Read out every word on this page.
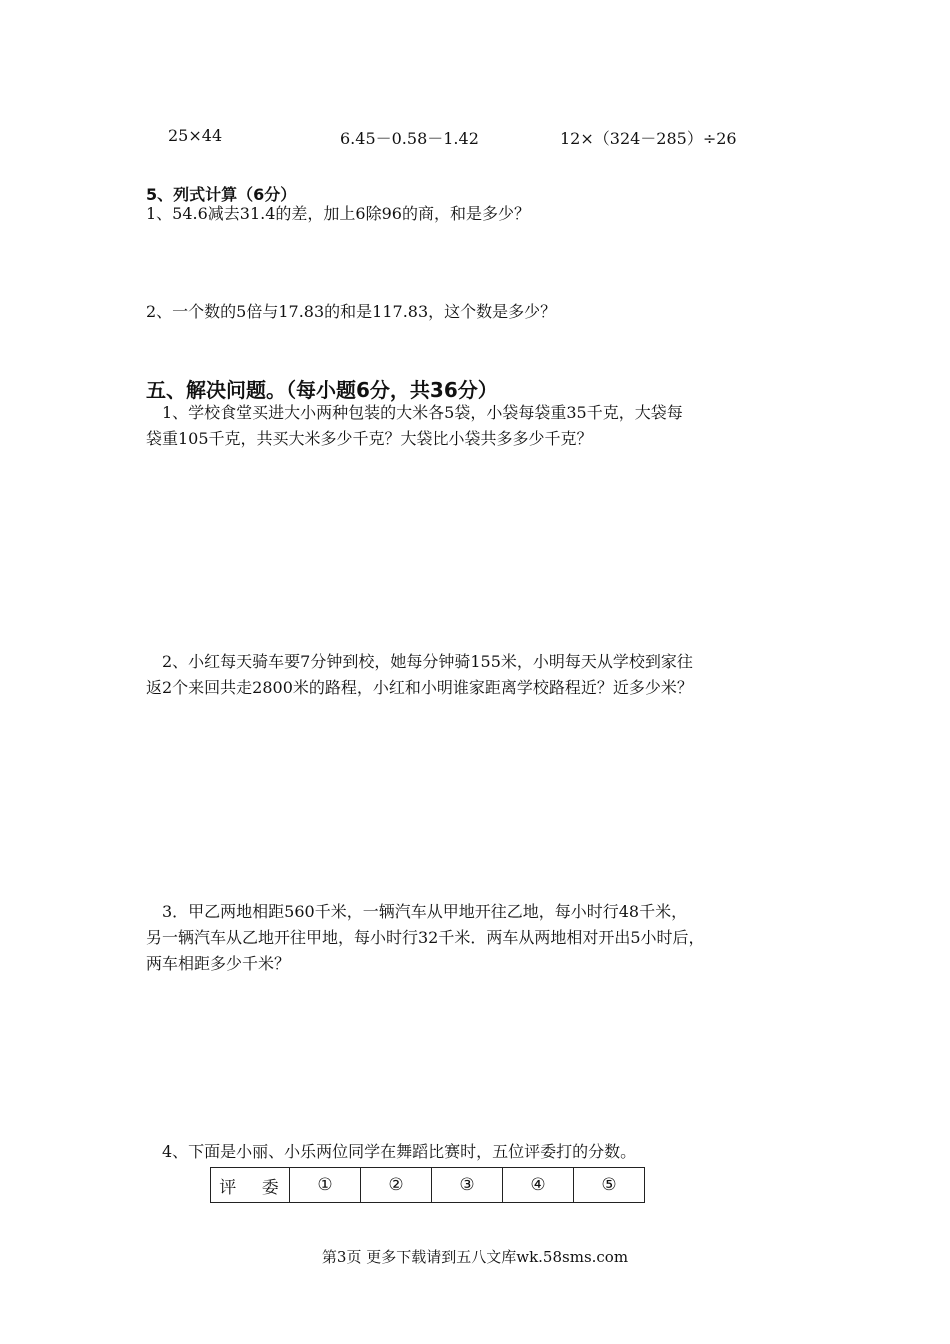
25×44	6.45－0.58－1.42	12×（324－285）÷26
5、列式计算（6分）
1、54.6减去31.4的差，加上6除96的商，和是多少？
2、一个数的5倍与17.83的和是117.83，这个数是多少？
五、解决问题。（每小题6分，共36分）
1、学校食堂买进大小两种包装的大米各5袋，小袋每袋重35千克，大袋每
袋重105千克，共买大米多少千克？大袋比小袋共多多少千克？
2、小红每天骑车要7分钟到校，她每分钟骑155米，小明每天从学校到家往
返2个来回共走2800米的路程，小红和小明谁家距离学校路程近？近多少米？
3．甲乙两地相距560千米，一辆汽车从甲地开往乙地，每小时行48千米，
另一辆汽车从乙地开往甲地，每小时行32千米．两车从两地相对开出5小时后，
两车相距多少千米？
4、下面是小丽、小乐两位同学在舞蹈比赛时，五位评委打的分数。
评 委	①	②	③	④	⑤
第3页 更多下载请到五八文库wk.58sms.com
